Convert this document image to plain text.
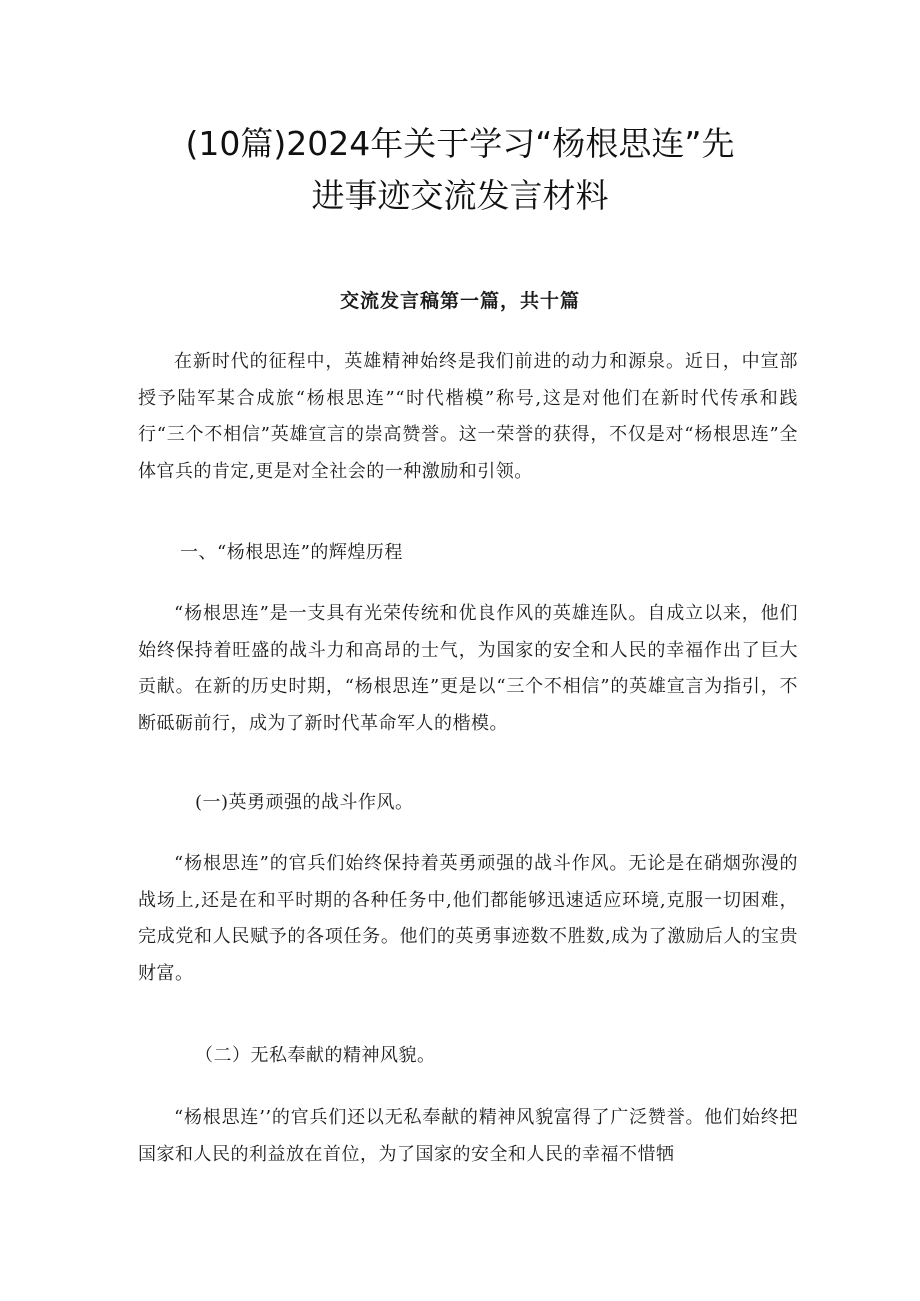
(10篇)2024年关于学习“杨根思连”先
进事迹交流发言材料
交流发言稿第一篇，共十篇

在新时代的征程中，英雄精神始终是我们前进的动力和源泉。近日，中宣部授予陆军某合成旅“杨根思连”“时代楷模”称号,这是对他们在新时代传承和践行“三个不相信”英雄宣言的崇高赞誉。这一荣誉的获得，不仅是对“杨根思连”全体官兵的肯定,更是对全社会的一种激励和引领。

一、“杨根思连”的辉煌历程

“杨根思连”是一支具有光荣传统和优良作风的英雄连队。自成立以来，他们始终保持着旺盛的战斗力和高昂的士气，为国家的安全和人民的幸福作出了巨大贡献。在新的历史时期，“杨根思连”更是以“三个不相信”的英雄宣言为指引，不断砥砺前行，成为了新时代革命军人的楷模。

(一)英勇顽强的战斗作风。

“杨根思连”的官兵们始终保持着英勇顽强的战斗作风。无论是在硝烟弥漫的战场上,还是在和平时期的各种任务中,他们都能够迅速适应环境,克服一切困难，完成党和人民赋予的各项任务。他们的英勇事迹数不胜数,成为了激励后人的宝贵财富。

（二）无私奉献的精神风貌。

“杨根思连’’的官兵们还以无私奉献的精神风貌富得了广泛赞誉。他们始终把国家和人民的利益放在首位，为了国家的安全和人民的幸福不惜牺
